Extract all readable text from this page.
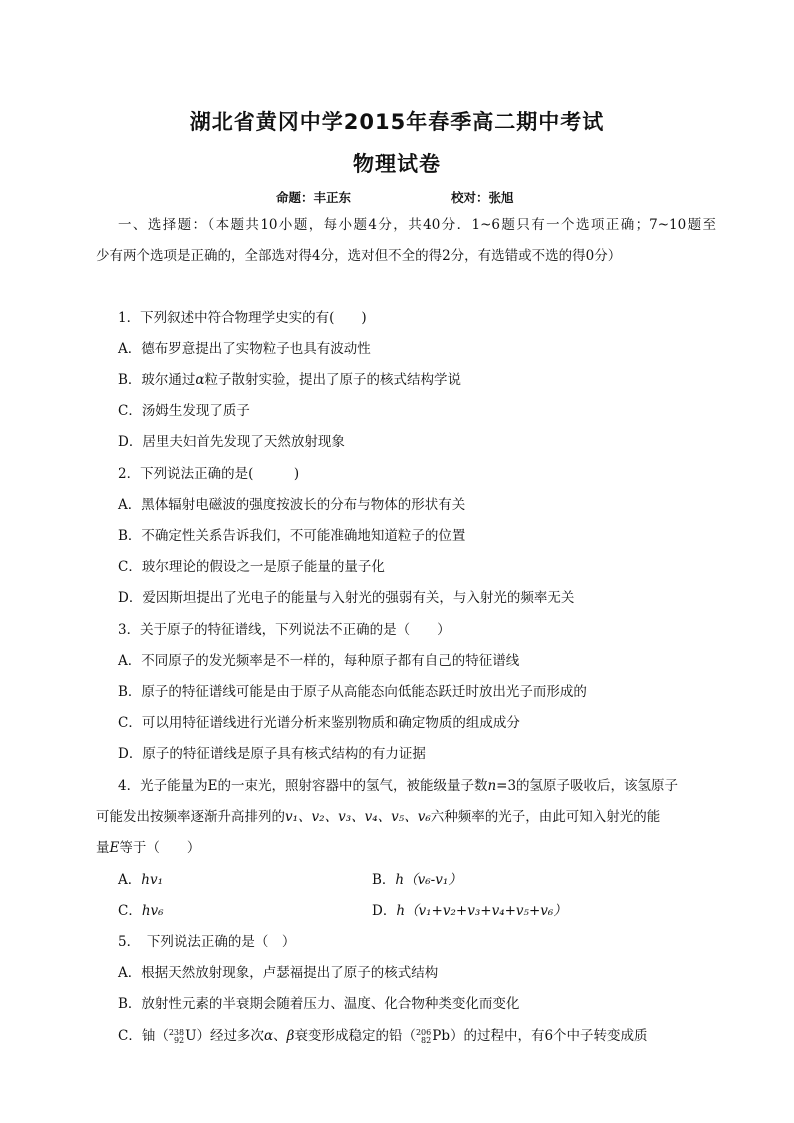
湖北省黄冈中学2015年春季高二期中考试
物理试卷
命题：丰正东	校对：张旭
一、选择题：（本题共10小题，每小题4分，共40分．1~6题只有一个选项正确；7~10题至
少有两个选项是正确的，全部选对得4分，选对但不全的得2分，有选错或不选的得0分）
1．下列叙述中符合物理学史实的有(　　)
A．德布罗意提出了实物粒子也具有波动性
B．玻尔通过α粒子散射实验，提出了原子的核式结构学说
C．汤姆生发现了质子
D．居里夫妇首先发现了天然放射现象
2．下列说法正确的是(　　　)
A．黑体辐射电磁波的强度按波长的分布与物体的形状有关
B．不确定性关系告诉我们，不可能准确地知道粒子的位置
C．玻尔理论的假设之一是原子能量的量子化
D．爱因斯坦提出了光电子的能量与入射光的强弱有关，与入射光的频率无关
3．关于原子的特征谱线，下列说法不正确的是（　　）
A．不同原子的发光频率是不一样的，每种原子都有自己的特征谱线
B．原子的特征谱线可能是由于原子从高能态向低能态跃迁时放出光子而形成的
C．可以用特征谱线进行光谱分析来鉴别物质和确定物质的组成成分
D．原子的特征谱线是原子具有核式结构的有力证据
4．光子能量为E的一束光，照射容器中的氢气，被能级量子数n=3的氢原子吸收后，该氢原子
可能发出按频率逐渐升高排列的v₁、v₂、v₃、v₄、v₅、v₆六种频率的光子，由此可知入射光的能
量E等于（　　）
A．hv₁	B．h（v₆-v₁）
C．hv₆	D．h（v₁+v₂+v₃+v₄+v₅+v₆）
5．　下列说法正确的是（　）
A．根据天然放射现象，卢瑟福提出了原子的核式结构
B．放射性元素的半衰期会随着压力、温度、化合物种类变化而变化
C．铀（ 238
92 U）经过多次α、β衰变形成稳定的铅（ 206
82 Pb）的过程中，有6个中子转变成质
